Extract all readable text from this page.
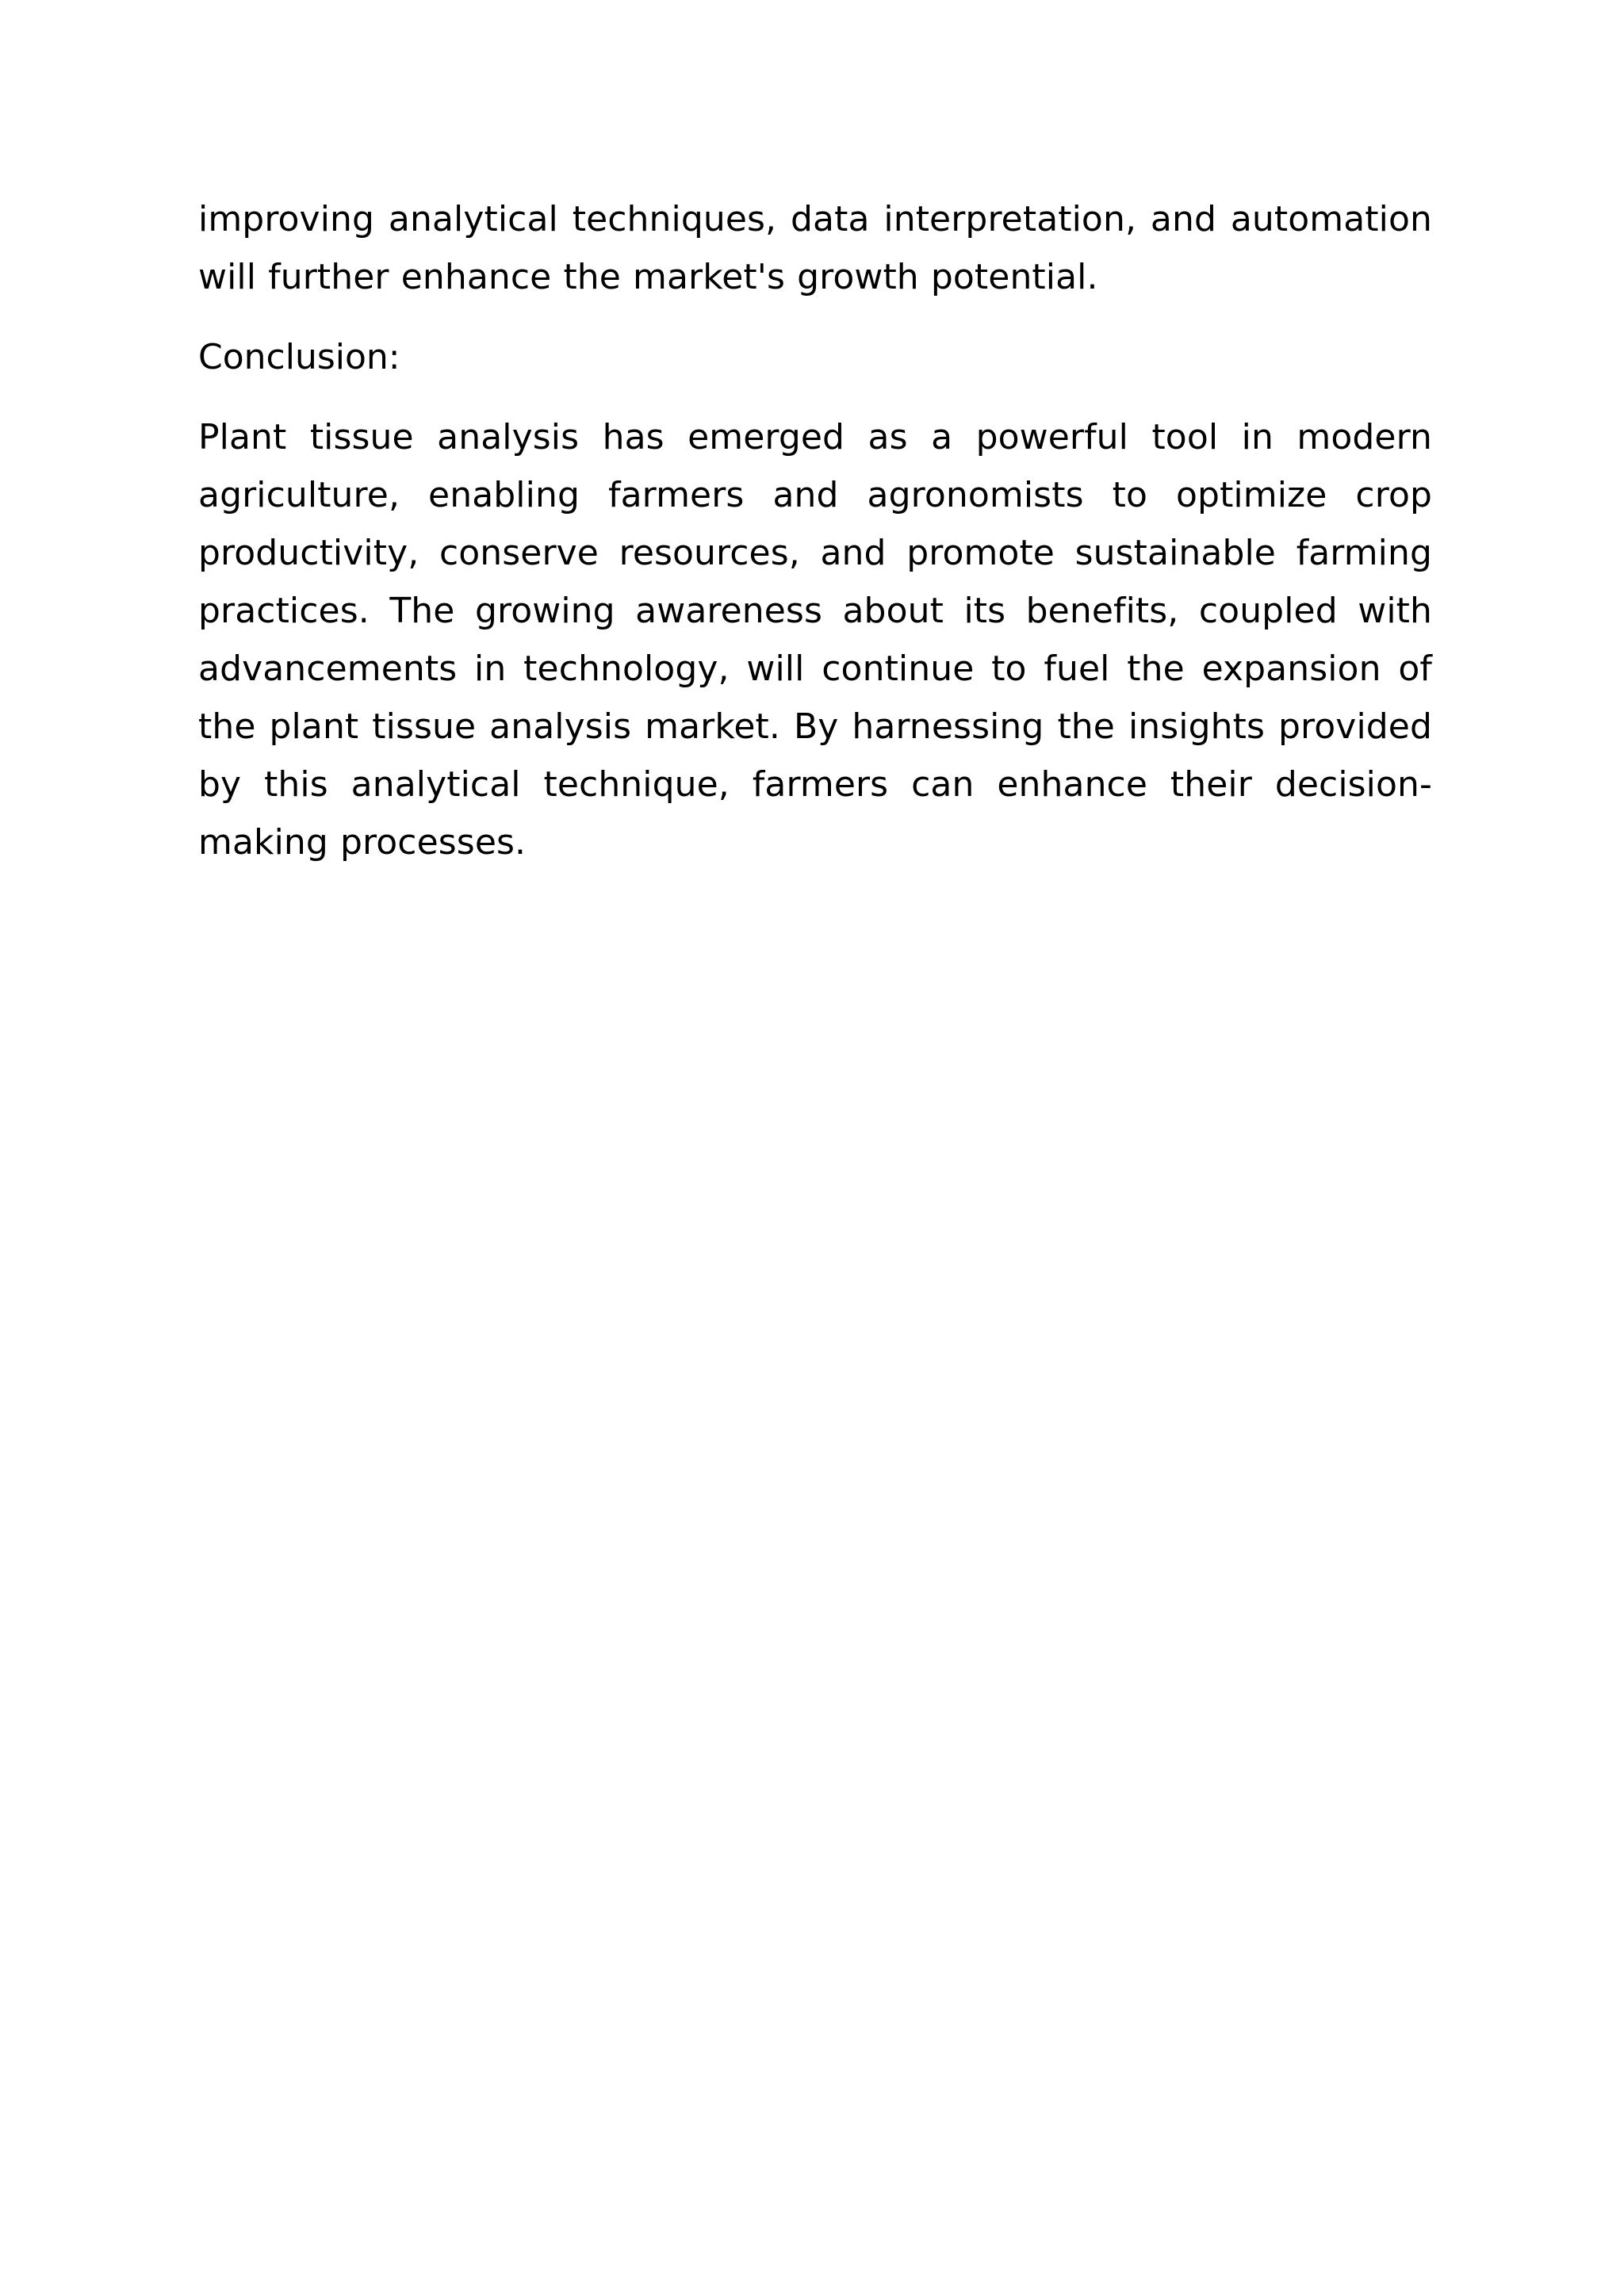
improving analytical techniques, data interpretation, and automation will further enhance the market's growth potential.

Conclusion:

Plant tissue analysis has emerged as a powerful tool in modern agriculture, enabling farmers and agronomists to optimize crop productivity, conserve resources, and promote sustainable farming practices. The growing awareness about its benefits, coupled with advancements in technology, will continue to fuel the expansion of the plant tissue analysis market. By harnessing the insights provided by this analytical technique, farmers can enhance their decision-making processes.
